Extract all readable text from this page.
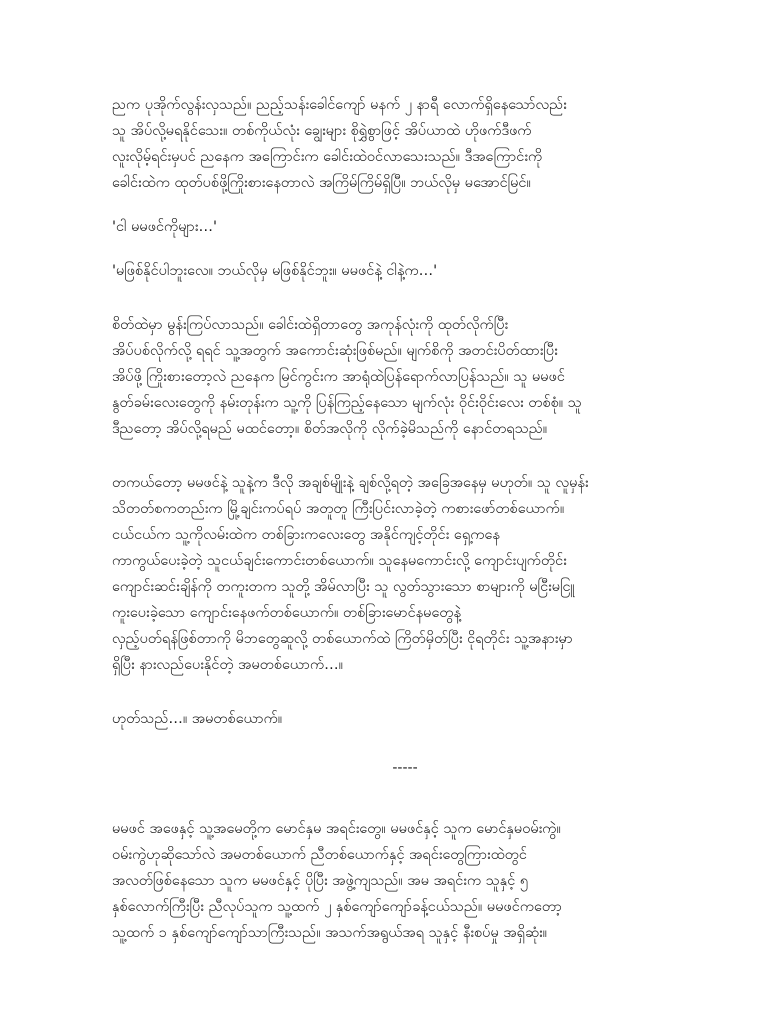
ညက ပုအိုက်လွန်းလှသည်။ ညည့်သန်းခေါင်ကျော် မနက် ၂ နာရီ လောက်ရှိနေသော်လည်း
သူ အိပ်လို့မရနိုင်သေး။ တစ်ကိုယ်လုံး ချွေးများ စိုရွှဲစွာဖြင့် အိပ်ယာထဲ ဟိုဖက်ဒီဖက်
လူးလိုမ့်ရင်းမှပင် ညနေက အကြောင်းက ခေါင်းထဲဝင်လာသေးသည်။ ဒီအကြောင်းကို
ခေါင်းထဲက ထုတ်ပစ်ဖို့ကြိုးစားနေတာလဲ အကြိမ်ကြိမ်ရှိပြီ။ ဘယ်လိုမှ မအောင်မြင်။
'ငါ မမဖင်ကိုများ…'
'မဖြစ်နိုင်ပါဘူးလေ။ ဘယ်လိုမှ မဖြစ်နိုင်ဘူး။ မမဖင်နဲ့ ငါနဲ့က…'
စိတ်ထဲမှာ မွန်းကြပ်လာသည်။ ခေါင်းထဲရှိတာတွေ အကုန်လုံးကို ထုတ်လိုက်ပြီး
အိပ်ပစ်လိုက်လို့ ရရင် သူ့အတွက် အကောင်းဆုံးဖြစ်မည်။ မျက်စိကို အတင်းပိတ်ထားပြီး
အိပ်ဖို့ ကြိုးစားတော့လဲ ညနေက မြင်ကွင်းက အာရုံထဲပြန်ရောက်လာပြန်သည်။ သူ မမဖင်
နွတ်ခမ်းလေးတွေကို နမ်းတုန်းက သူ့ကို ပြန်ကြည့်နေသော မျက်လုံး ဝိုင်းဝိုင်းလေး တစ်စုံ။ သူ
ဒီညတော့ အိပ်လို့ရမည် မထင်တော့။ စိတ်အလိုကို လိုက်ခဲ့မိသည်ကို နောင်တရသည်။
တကယ်တော့ မမဖင်နဲ့ သူနဲ့က ဒီလို အချစ်မျိုးနဲ့ ချစ်လို့ရတဲ့ အခြေအနေမှ မဟုတ်။ သူ လူမှန်း
သိတတ်စကတည်းက မြို့ချင်းကပ်ရပ် အတူတူ ကြီးပြင်းလာခဲ့တဲ့ ကစားဖော်တစ်ယောက်။
ငယ်ငယ်က သူ့ကိုလမ်းထဲက တစ်ခြားကလေးတွေ အနိုင်ကျင့်တိုင်း ရှေ့ကနေ
ကာကွယ်ပေးခဲ့တဲ့ သူငယ်ချင်းကောင်းတစ်ယောက်။ သူနေမကောင်းလို့ ကျောင်းပျက်တိုင်း
ကျောင်းဆင်းချိန်ကို တကူးတက သူတို့ အိမ်လာပြီး သူ လွတ်သွားသော စာများကို မငြီးမငြူ
ကူးပေးခဲ့သော ကျောင်းနေဖက်တစ်ယောက်။ တစ်ခြားမောင်နမတွေနဲ့
လှည့်ပတ်ရန်ဖြစ်တာကို မိဘတွေဆူလို့ တစ်ယောက်ထဲ ကြိတ်မှိတ်ပြီး ငိုရတိုင်း သူ့အနားမှာ
ရှိပြီး နားလည်ပေးနိုင်တဲ့ အမတစ်ယောက်…။
ဟုတ်သည်…။ အမတစ်ယောက်။
-----
မမဖင် အဖေနှင့် သူ့အမေတို့က မောင်နှမ အရင်းတွေ။ မမဖင်နှင့် သူက မောင်နှမဝမ်းကွဲ။
ဝမ်းကွဲဟုဆိုသော်လဲ အမတစ်ယောက် ညီတစ်ယောက်နှင့် အရင်းတွေကြားထဲတွင်
အလတ်ဖြစ်နေသော သူက မမဖင်နှင့် ပိုပြီး အဖွဲ့ကျသည်။ အမ အရင်းက သူနှင့် ၅
နှစ်လောက်ကြီးပြီး ညီလုပ်သူက သူ့ထက် ၂ နှစ်ကျော်ကျော်ခန့်ငယ်သည်။ မမဖင်ကတော့
သူ့ထက် ၁ နှစ်ကျော်ကျော်သာကြီးသည်။ အသက်အရွယ်အရ သူနှင့် နီးစပ်မှု အရှိဆုံး။
